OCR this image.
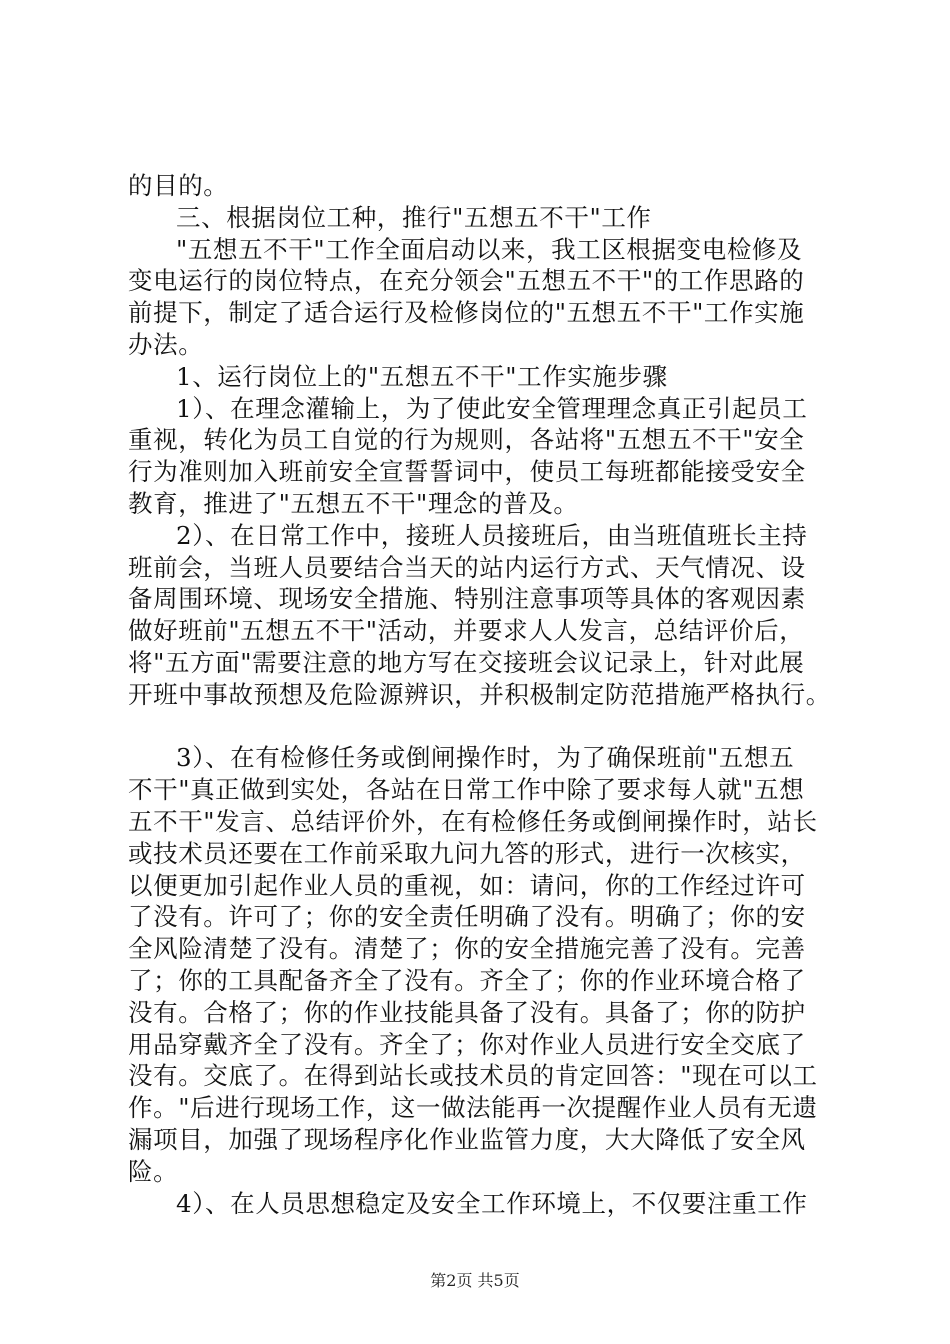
的目的。
三、根据岗位工种，推行"五想五不干"工作
"五想五不干"工作全面启动以来，我工区根据变电检修及
变电运行的岗位特点，在充分领会"五想五不干"的工作思路的
前提下，制定了适合运行及检修岗位的"五想五不干"工作实施
办法。
1、运行岗位上的"五想五不干"工作实施步骤
1）、在理念灌输上，为了使此安全管理理念真正引起员工
重视，转化为员工自觉的行为规则，各站将"五想五不干"安全
行为准则加入班前安全宣誓誓词中，使员工每班都能接受安全
教育，推进了"五想五不干"理念的普及。
2）、在日常工作中，接班人员接班后，由当班值班长主持
班前会，当班人员要结合当天的站内运行方式、天气情况、设
备周围环境、现场安全措施、特别注意事项等具体的客观因素
做好班前"五想五不干"活动，并要求人人发言，总结评价后，
将"五方面"需要注意的地方写在交接班会议记录上，针对此展
开班中事故预想及危险源辨识，并积极制定防范措施严格执行。
3）、在有检修任务或倒闸操作时，为了确保班前"五想五
不干"真正做到实处，各站在日常工作中除了要求每人就"五想
五不干"发言、总结评价外，在有检修任务或倒闸操作时，站长
或技术员还要在工作前采取九问九答的形式，进行一次核实，
以便更加引起作业人员的重视，如：请问，你的工作经过许可
了没有。许可了；你的安全责任明确了没有。明确了；你的安
全风险清楚了没有。清楚了；你的安全措施完善了没有。完善
了；你的工具配备齐全了没有。齐全了；你的作业环境合格了
没有。合格了；你的作业技能具备了没有。具备了；你的防护
用品穿戴齐全了没有。齐全了；你对作业人员进行安全交底了
没有。交底了。在得到站长或技术员的肯定回答："现在可以工
作。"后进行现场工作，这一做法能再一次提醒作业人员有无遗
漏项目，加强了现场程序化作业监管力度，大大降低了安全风
险。
4）、在人员思想稳定及安全工作环境上，不仅要注重工作
第2页 共5页
